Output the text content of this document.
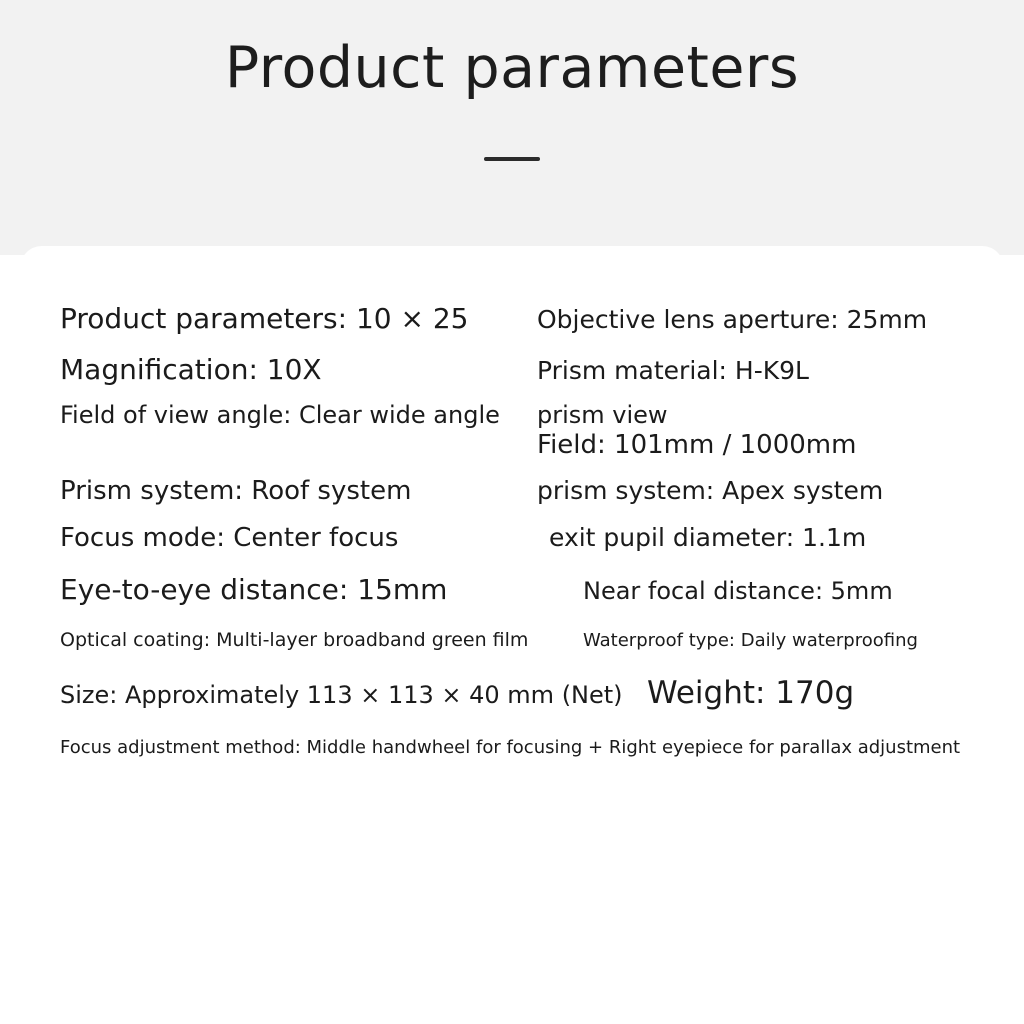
Product parameters
Product parameters: 10 × 25	Objective lens aperture: 25mm
Magnification: 10X	Prism material: H-K9L
Field of view angle: Clear wide angle	prism view
Field: 101mm / 1000mm
Prism system: Roof system	prism system: Apex system
Focus mode: Center focus	exit pupil diameter: 1.1m
Eye-to-eye distance: 15mm	Near focal distance: 5mm
Optical coating: Multi-layer broadband green film	Waterproof type: Daily waterproofing
Size: Approximately 113 × 113 × 40 mm (Net) Weight: 170g
Focus adjustment method: Middle handwheel for focusing + Right eyepiece for parallax adjustment
